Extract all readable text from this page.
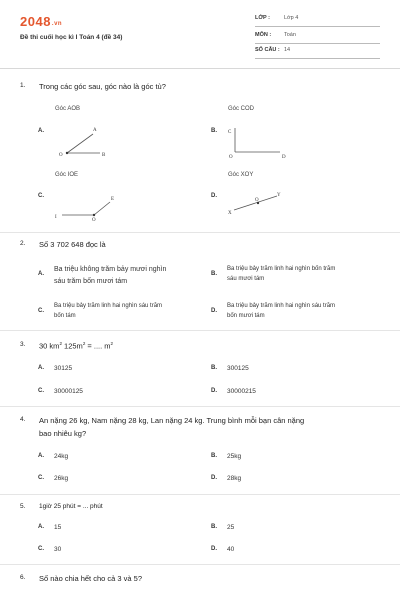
2048.vn
Đề thi cuối học kì I Toán 4 (đề 34)
LỚP :	Lớp 4
MÔN : Toán
SỐ CÂU : 14
1. Trong các góc sau, góc nào là góc tù?
Góc AOB
A.	A
O	B
Góc COD
B. C
O	D
Góc IOE
C.
E
I
O
Góc XOY
D.	Y
O
X
2. Số 3 702 648 đọc là
A.
Ba triệu không trăm bảy mươi nghìn
sáu trăm bốn mươi tám
B.
Ba triệu bảy trăm linh hai nghìn bốn trăm
sáu mươi tám
C.
Ba triệu bảy trăm linh hai nghìn sáu trăm
bốn tám
D.
Ba triệu bảy trăm linh hai nghìn sáu trăm
bốn mươi tám
3. 30 $km^2$ $125m^2$ = .... $m^2$
A. 30125	B. 300125
C. 30000125	D. 30000215
4. An nặng 26 kg, Nam nặng 28 kg, Lan nặng 24 kg. Trung bình mỗi bạn cân nặng
bao nhiêu kg?
A. 24kg	B. 25kg
C. 26kg	D. 28kg
5. 1giờ 25 phút = ... phút
A. 15	B. 25
C. 30	D. 40
6. Số nào chia hết cho cả 3 và 5?
